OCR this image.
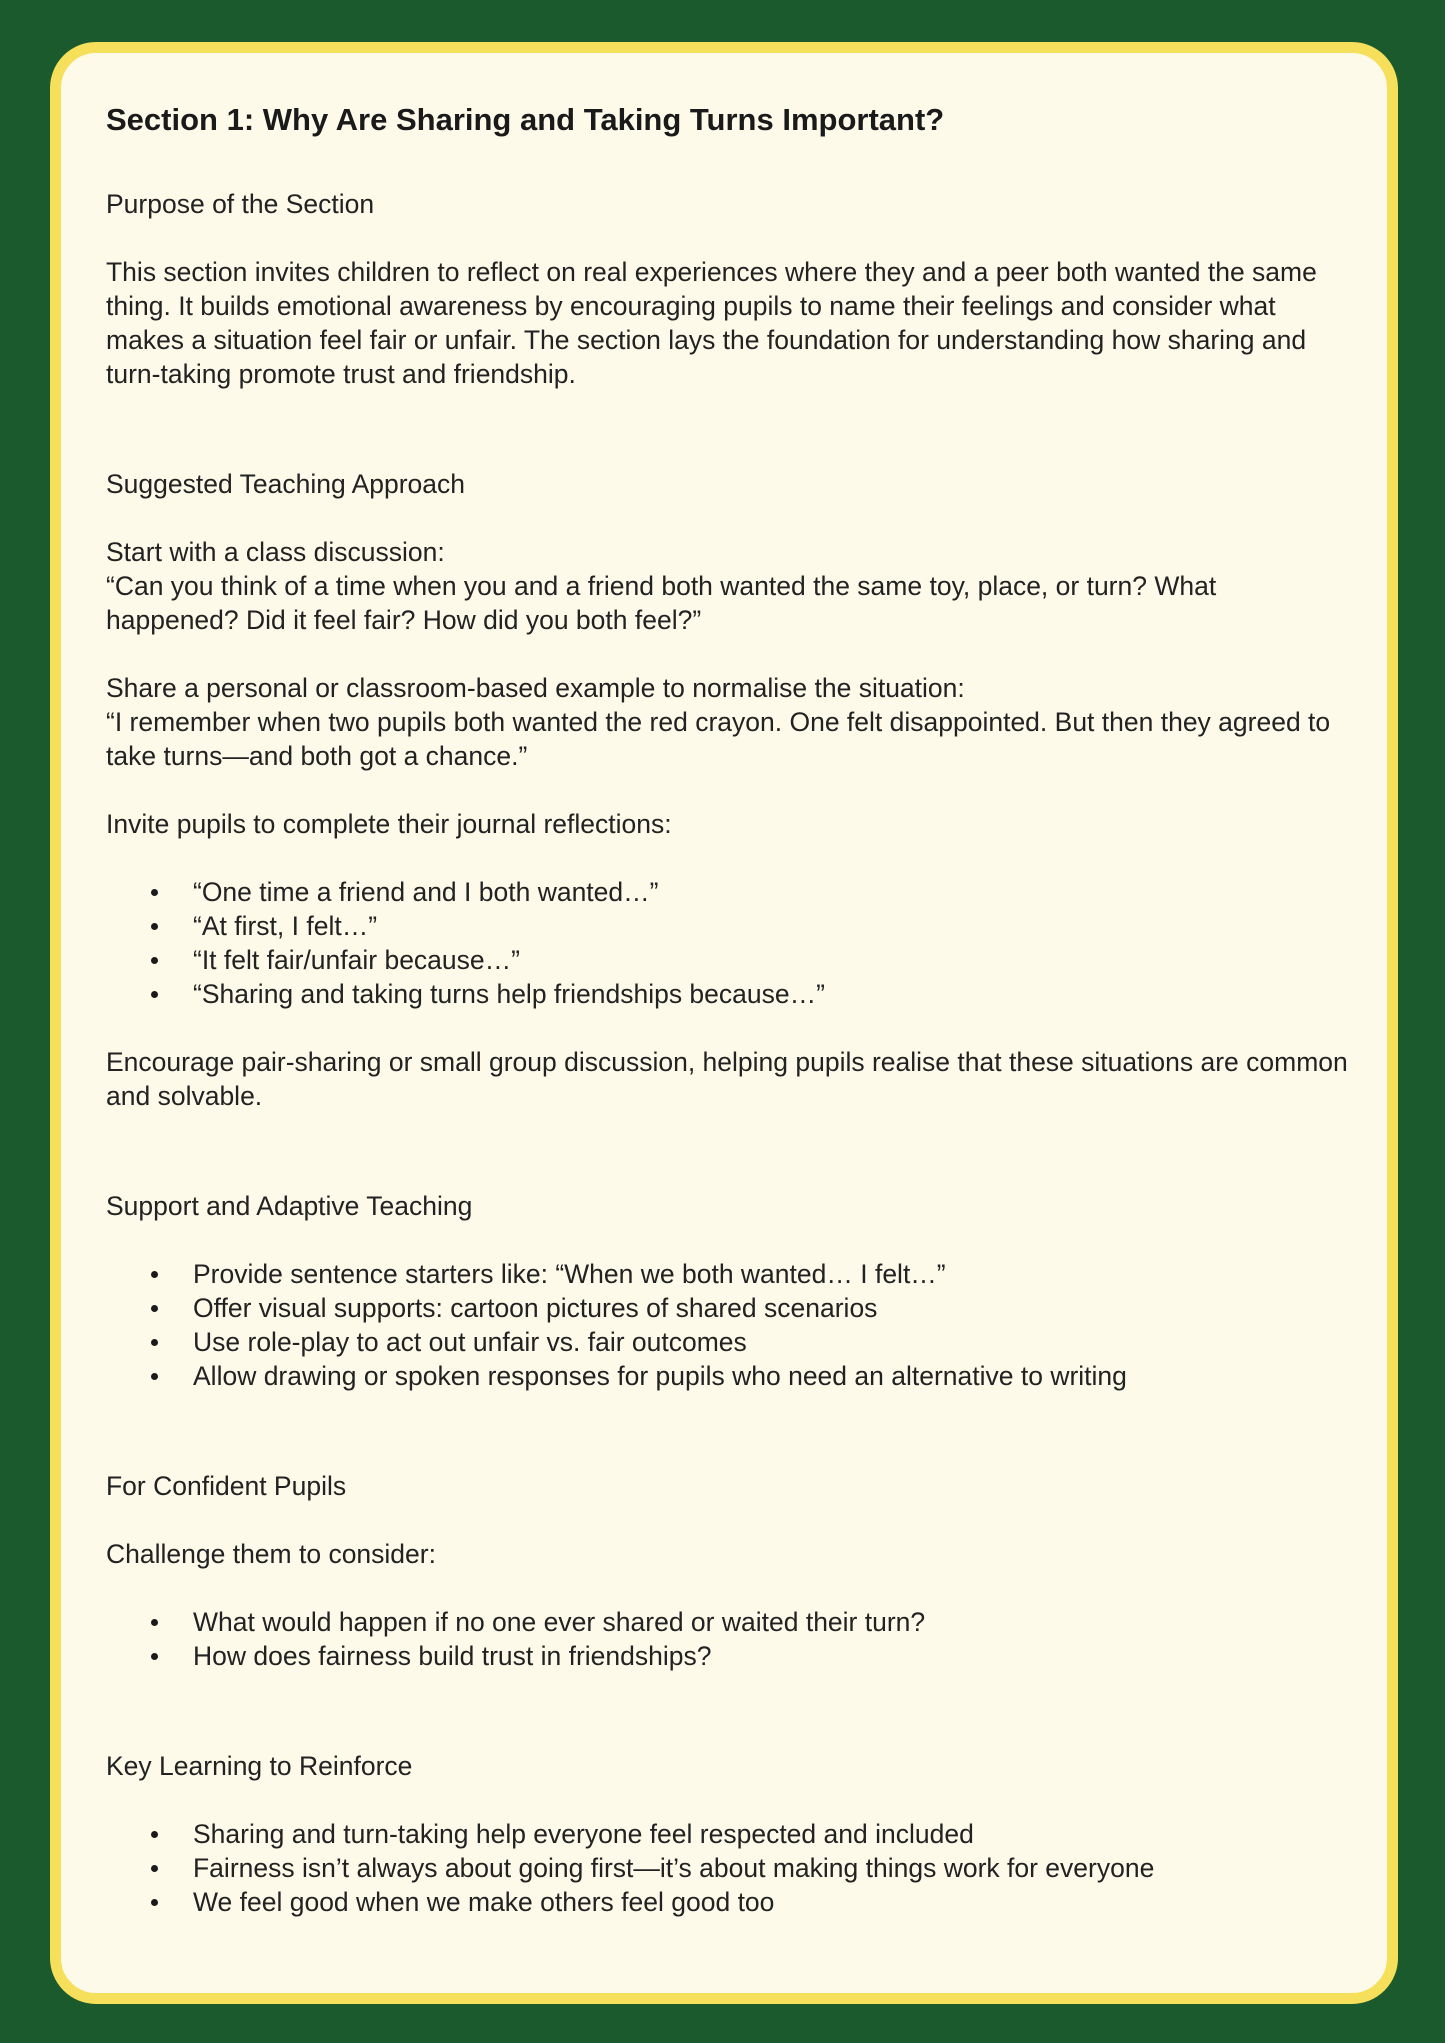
Section 1: Why Are Sharing and Taking Turns Important?
Purpose of the Section

This section invites children to reflect on real experiences where they and a peer both wanted the same thing. It builds emotional awareness by encouraging pupils to name their feelings and consider what makes a situation feel fair or unfair. The section lays the foundation for understanding how sharing and turn-taking promote trust and friendship.

Suggested Teaching Approach

Start with a class discussion:

“Can you think of a time when you and a friend both wanted the same toy, place, or turn? What happened? Did it feel fair? How did you both feel?”

Share a personal or classroom-based example to normalise the situation:

“I remember when two pupils both wanted the red crayon. One felt disappointed. But then they agreed to take turns—and both got a chance.”

Invite pupils to complete their journal reflections:

“One time a friend and I both wanted…”
“At first, I felt…”
“It felt fair/unfair because…”
“Sharing and taking turns help friendships because…”

Encourage pair-sharing or small group discussion, helping pupils realise that these situations are common and solvable.

Support and Adaptive Teaching
Provide sentence starters like: “When we both wanted… I felt…”
Offer visual supports: cartoon pictures of shared scenarios
Use role-play to act out unfair vs. fair outcomes
Allow drawing or spoken responses for pupils who need an alternative to writing
For Confident Pupils

Challenge them to consider:

What would happen if no one ever shared or waited their turn?
How does fairness build trust in friendships?
Key Learning to Reinforce
Sharing and turn-taking help everyone feel respected and included
Fairness isn’t always about going first—it’s about making things work for everyone
We feel good when we make others feel good too
